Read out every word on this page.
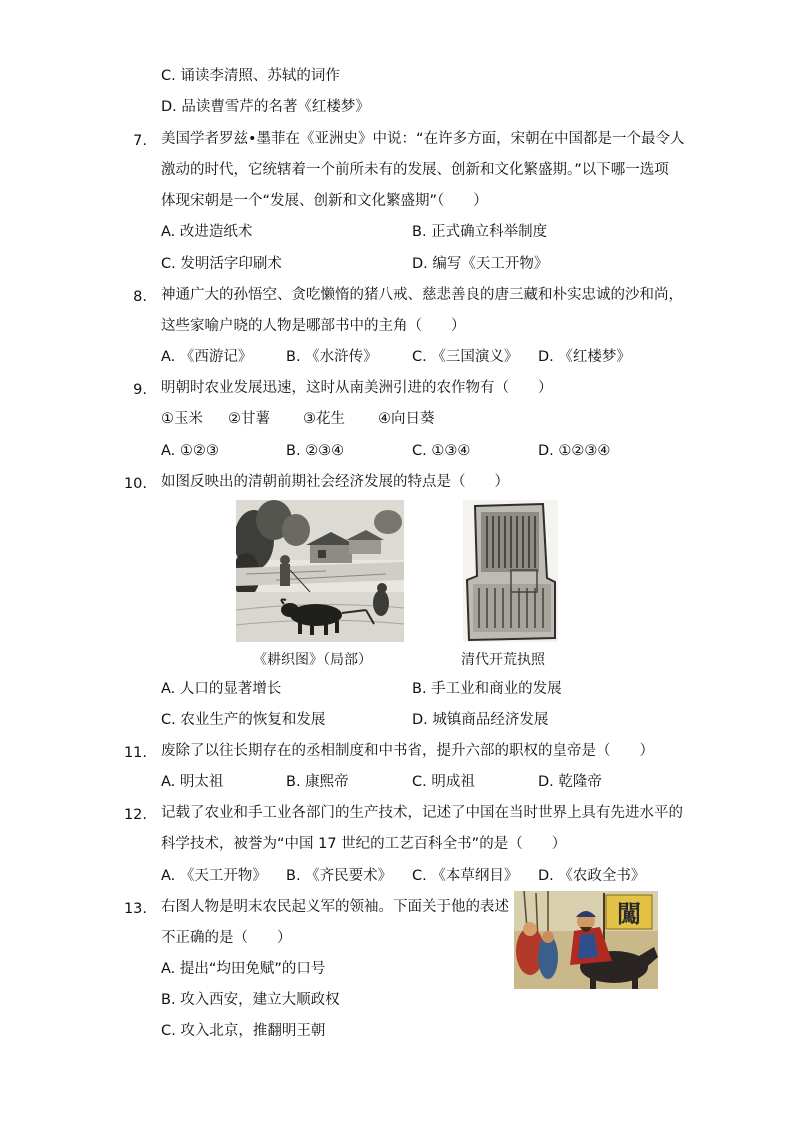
C. 诵读李清照、苏轼的词作
D. 品读曹雪芹的名著《红楼梦》
7. 美国学者罗兹•墨菲在《亚洲史》中说：“在许多方面，宋朝在中国都是一个最令人
激动的时代，它统辖着一个前所未有的发展、创新和文化繁盛期。”以下哪一选项
体现宋朝是一个“发展、创新和文化繁盛期”（　　）
A. 改进造纸术	B. 正式确立科举制度
C. 发明活字印刷术	D. 编写《天工开物》
8. 神通广大的孙悟空、贪吃懒惰的猪八戒、慈悲善良的唐三藏和朴实忠诚的沙和尚，
这些家喻户晓的人物是哪部书中的主角（　　）
A. 《西游记》 B. 《水浒传》 C. 《三国演义》 D. 《红楼梦》
9. 明朝时农业发展迅速，这时从南美洲引进的农作物有（　　）
①玉米 ②甘薯 ③花生 ④向日葵
A. ①②③	B. ②③④	C. ①③④	D. ①②③④
10. 如图反映出的清朝前期社会经济发展的特点是（　　）
《耕织图》（局部）	清代开荒执照
A. 人口的显著增长	B. 手工业和商业的发展
C. 农业生产的恢复和发展	D. 城镇商品经济发展
11. 废除了以往长期存在的丞相制度和中书省，提升六部的职权的皇帝是（　　）
A. 明太祖	B. 康熙帝	C. 明成祖	D. 乾隆帝
12. 记载了农业和手工业各部门的生产技术，记述了中国在当时世界上具有先进水平的
科学技术，被誉为“中国 17 世纪的工艺百科全书”的是（　　）
A. 《天工开物》 B. 《齐民要术》 C. 《本草纲目》 D. 《农政全书》
13. 右图人物是明末农民起义军的领袖。下面关于他的表述
不正确的是（　　）
闖
A. 提出“均田免赋”的口号
B. 攻入西安，建立大顺政权
C. 攻入北京，推翻明王朝
